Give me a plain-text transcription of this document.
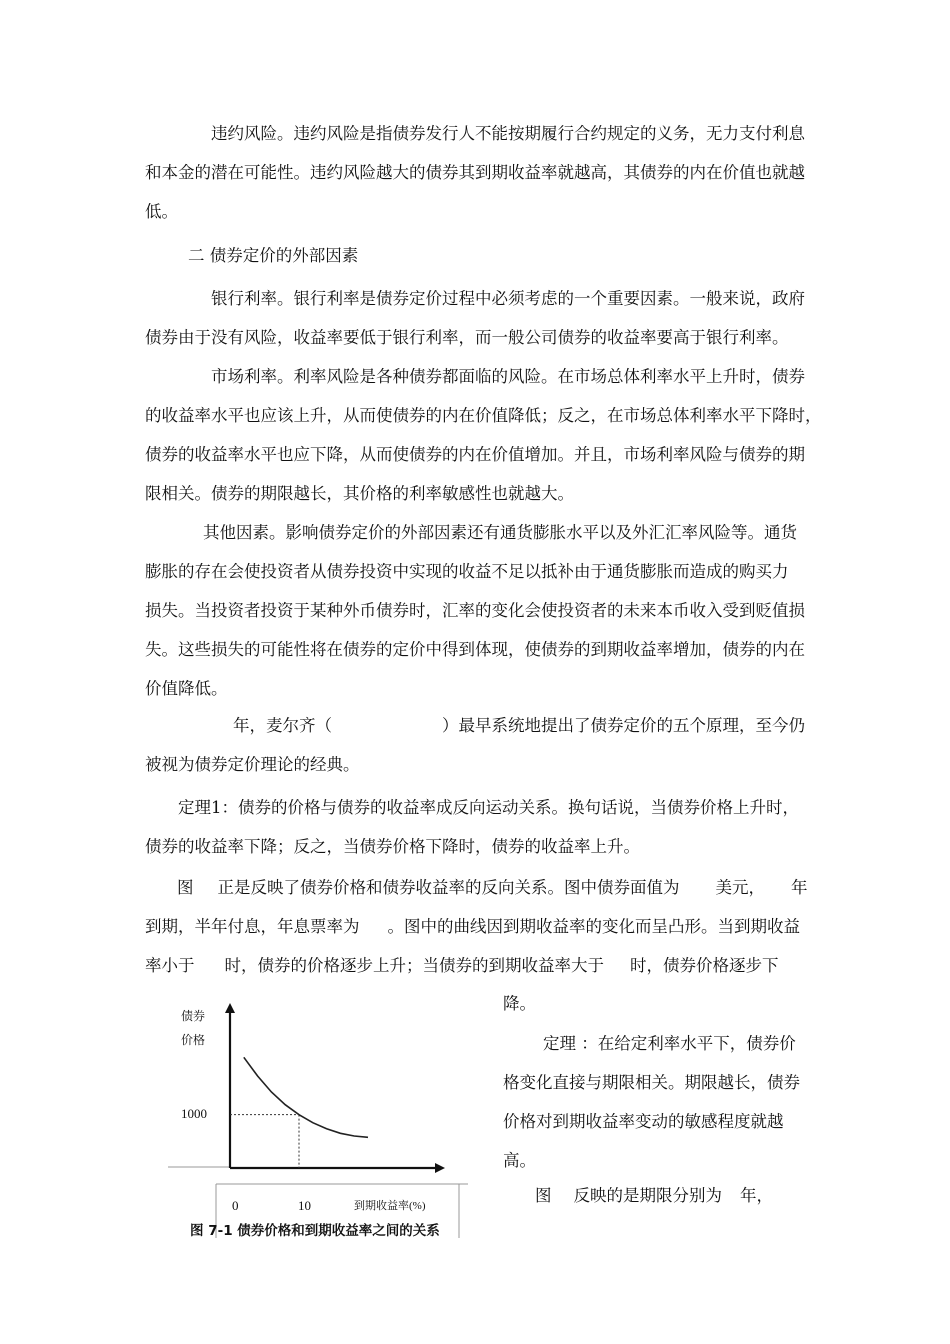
违约风险。违约风险是指债券发行人不能按期履行合约规定的义务，无力支付利息
和本金的潜在可能性。违约风险越大的债券其到期收益率就越高，其债券的内在价值也就越
低。

二 债券定价的外部因素

银行利率。银行利率是债券定价过程中必须考虑的一个重要因素。一般来说，政府
债券由于没有风险，收益率要低于银行利率，而一般公司债券的收益率要高于银行利率。

市场利率。利率风险是各种债券都面临的风险。在市场总体利率水平上升时，债券
的收益率水平也应该上升，从而使债券的内在价值降低；反之，在市场总体利率水平下降时，
债券的收益率水平也应下降，从而使债券的内在价值增加。并且，市场利率风险与债券的期
限相关。债券的期限越长，其价格的利率敏感性也就越大。

其他因素。影响债券定价的外部因素还有通货膨胀水平以及外汇汇率风险等。通货
膨胀的存在会使投资者从债券投资中实现的收益不足以抵补由于通货膨胀而造成的购买力
损失。当投资者投资于某种外币债券时，汇率的变化会使投资者的未来本币收入受到贬值损
失。这些损失的可能性将在债券的定价中得到体现，使债券的到期收益率增加，债券的内在
价值降低。

年，麦尔齐（	）最早系统地提出了债券定价的五个原理，至今仍
被视为债券定价理论的经典。

定理1：债券的价格与债券的收益率成反向运动关系。换句话说，当债券价格上升时，
债券的收益率下降；反之，当债券价格下降时，债券的收益率上升。

图 正是反映了债券价格和债券收益率的反向关系。图中债券面值为 美元， 年
到期，半年付息，年息票率为 。图中的曲线因到期收益率的变化而呈凸形。当到期收益
率小于 时，债券的价格逐步上升；当债券的到期收益率大于 时，债券价格逐步下

降。

定理 ：在给定利率水平下，债券价
格变化直接与期限相关。期限越长，债券
价格对到期收益率变动的敏感程度就越
高。

图 反映的是期限分别为 年，
债券
价格
1000
0	10	到期收益率(%)
图 7-1 债券价格和到期收益率之间的关系
